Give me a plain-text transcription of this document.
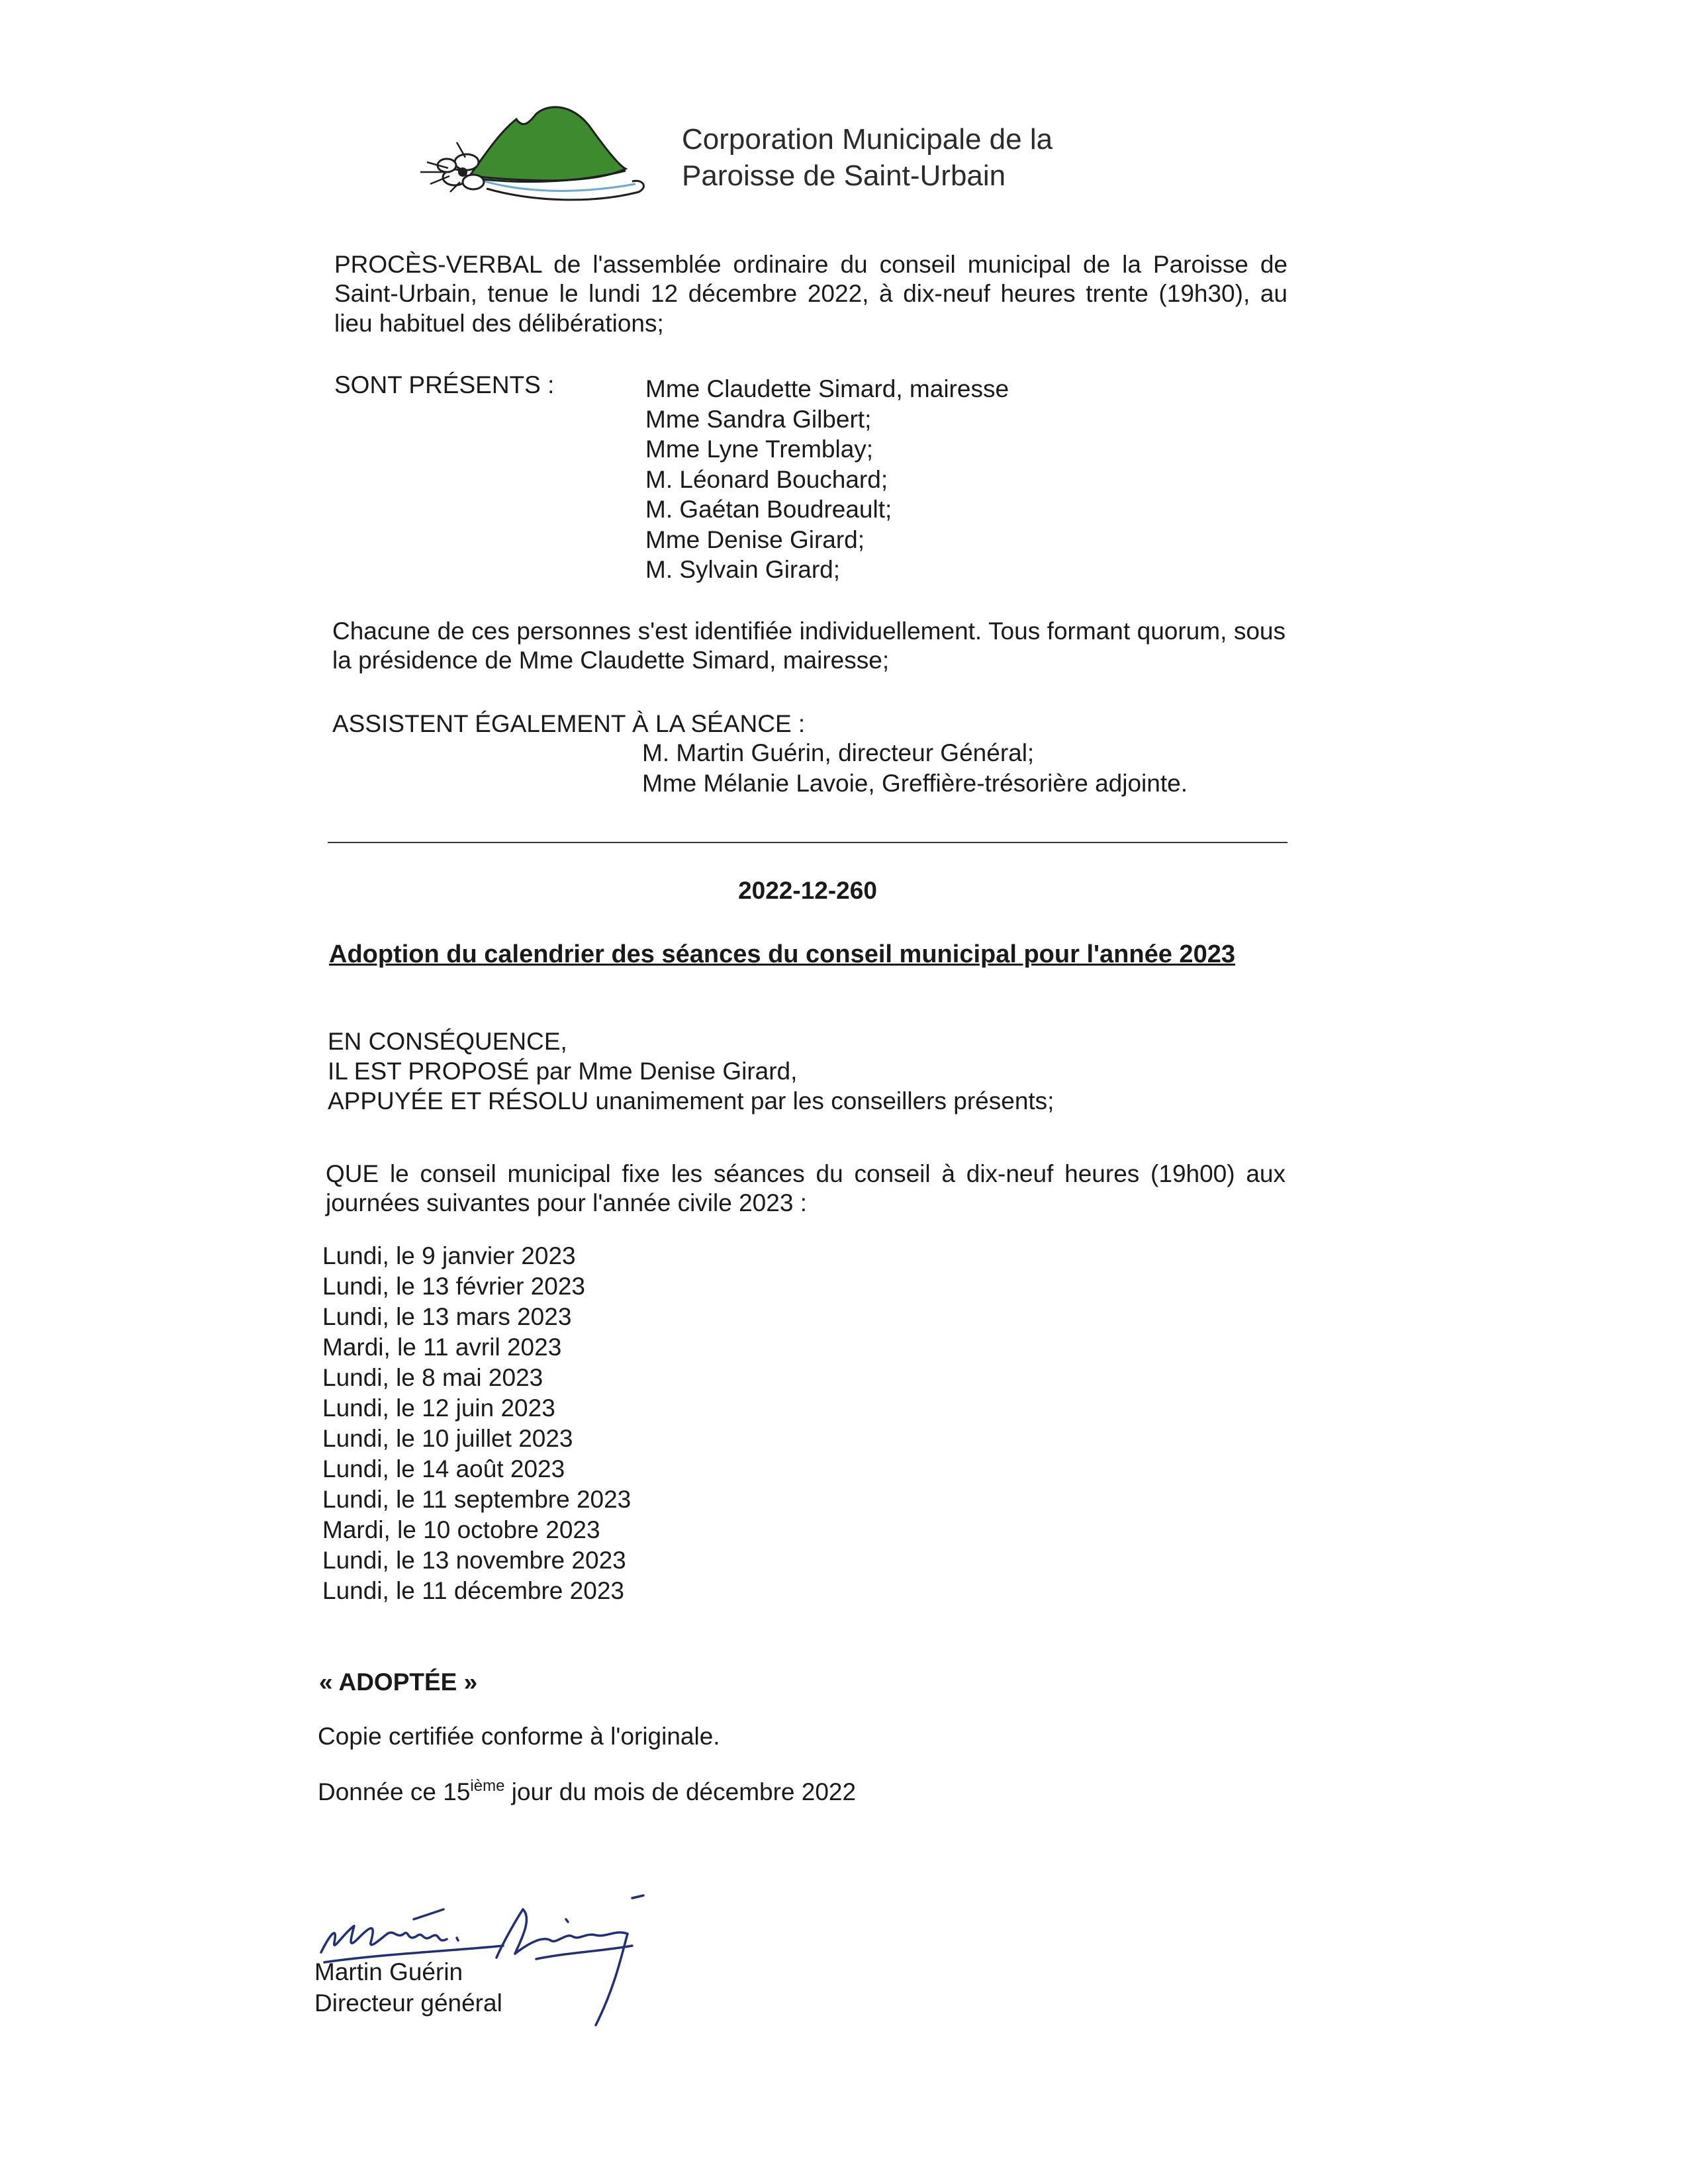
Corporation Municipale de la
Paroisse de Saint-Urbain
PROCÈS-VERBAL de l'assemblée ordinaire du conseil municipal de la Paroisse de Saint-Urbain, tenue le lundi 12 décembre 2022, à dix-neuf heures trente (19h30), au lieu habituel des délibérations;
SONT PRÉSENTS :	Mme Claudette Simard, mairesse
Mme Sandra Gilbert;
Mme Lyne Tremblay;
M. Léonard Bouchard;
M. Gaétan Boudreault;
Mme Denise Girard;
M. Sylvain Girard;
Chacune de ces personnes s'est identifiée individuellement. Tous formant quorum, sous la présidence de Mme Claudette Simard, mairesse;
ASSISTENT ÉGALEMENT À LA SÉANCE :
M. Martin Guérin, directeur Général;
Mme Mélanie Lavoie, Greffière-trésorière adjointe.
2022-12-260
Adoption du calendrier des séances du conseil municipal pour l'année 2023
EN CONSÉQUENCE,
IL EST PROPOSÉ par Mme Denise Girard,
APPUYÉE ET RÉSOLU unanimement par les conseillers présents;
QUE le conseil municipal fixe les séances du conseil à dix-neuf heures (19h00) aux journées suivantes pour l'année civile 2023 :
Lundi, le 9 janvier 2023
Lundi, le 13 février 2023
Lundi, le 13 mars 2023
Mardi, le 11 avril 2023
Lundi, le 8 mai 2023
Lundi, le 12 juin 2023
Lundi, le 10 juillet 2023
Lundi, le 14 août 2023
Lundi, le 11 septembre 2023
Mardi, le 10 octobre 2023
Lundi, le 13 novembre 2023
Lundi, le 11 décembre 2023
« ADOPTÉE »
Copie certifiée conforme à l'originale.
Donnée ce 15ième jour du mois de décembre 2022
Martin Guérin
Directeur général
